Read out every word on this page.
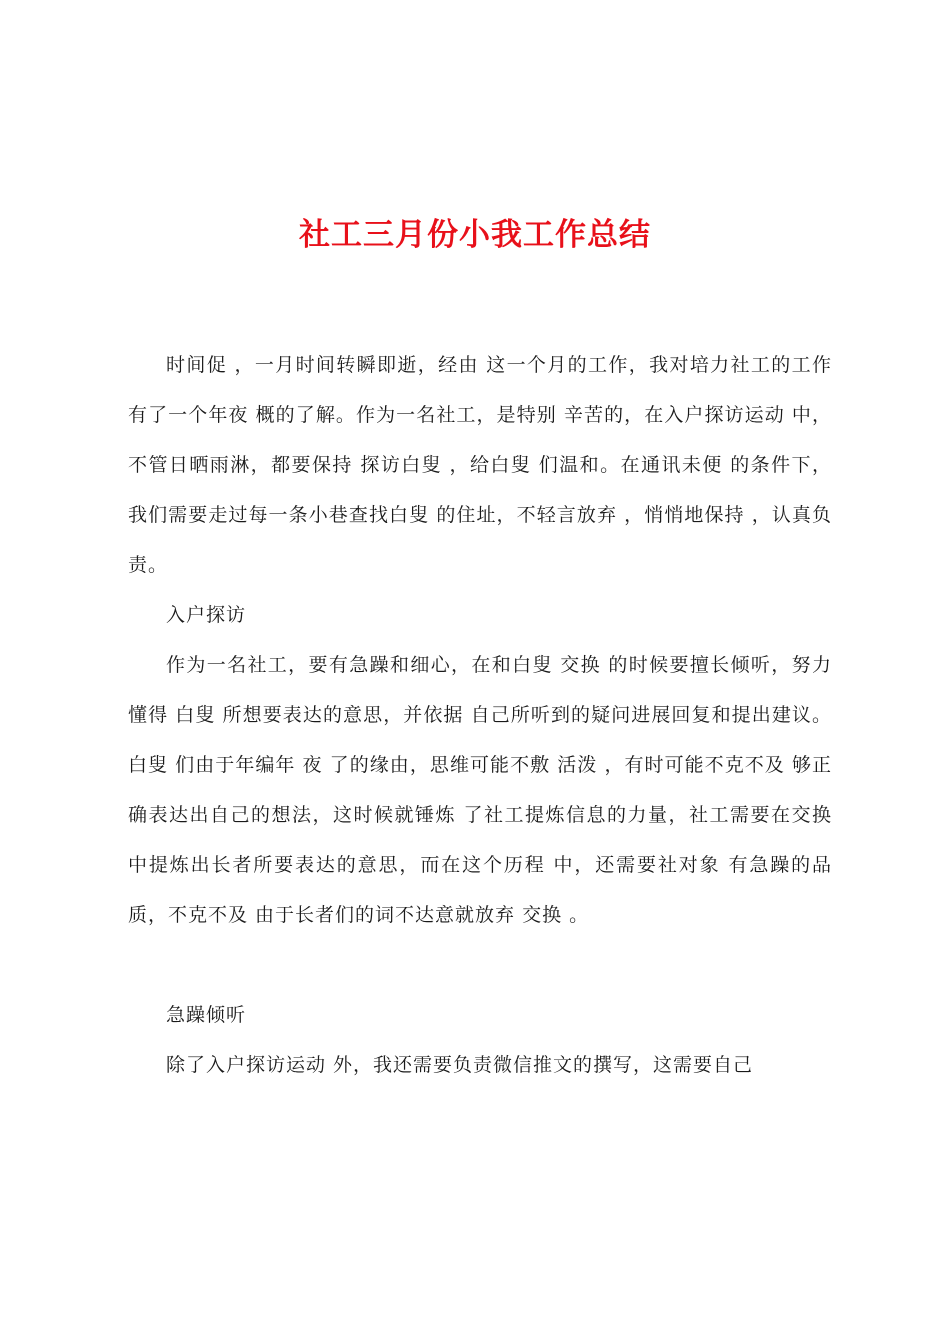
社工三月份小我工作总结

时间促 ，一月时间转瞬即逝，经由 这一个月的工作，我对培力社工的工作有了一个年夜 概的了解。作为一名社工，是特别 辛苦的，在入户探访运动 中，不管日晒雨淋，都要保持 探访白叟 ，给白叟 们温和。在通讯未便 的条件下，我们需要走过每一条小巷查找白叟 的住址，不轻言放弃 ，悄悄地保持 ，认真负责。

入户探访

作为一名社工，要有急躁和细心，在和白叟 交换 的时候要擅长倾听，努力懂得 白叟 所想要表达的意思，并依据 自己所听到的疑问进展回复和提出建议。白叟 们由于年编年 夜 了的缘由，思维可能不敷 活泼 ，有时可能不克不及 够正确表达出自己的想法，这时候就锤炼 了社工提炼信息的力量，社工需要在交换 中提炼出长者所要表达的意思，而在这个历程 中，还需要社对象 有急躁的品质，不克不及 由于长者们的词不达意就放弃 交换 。

急躁倾听

除了入户探访运动 外，我还需要负责微信推文的撰写，这需要自己
